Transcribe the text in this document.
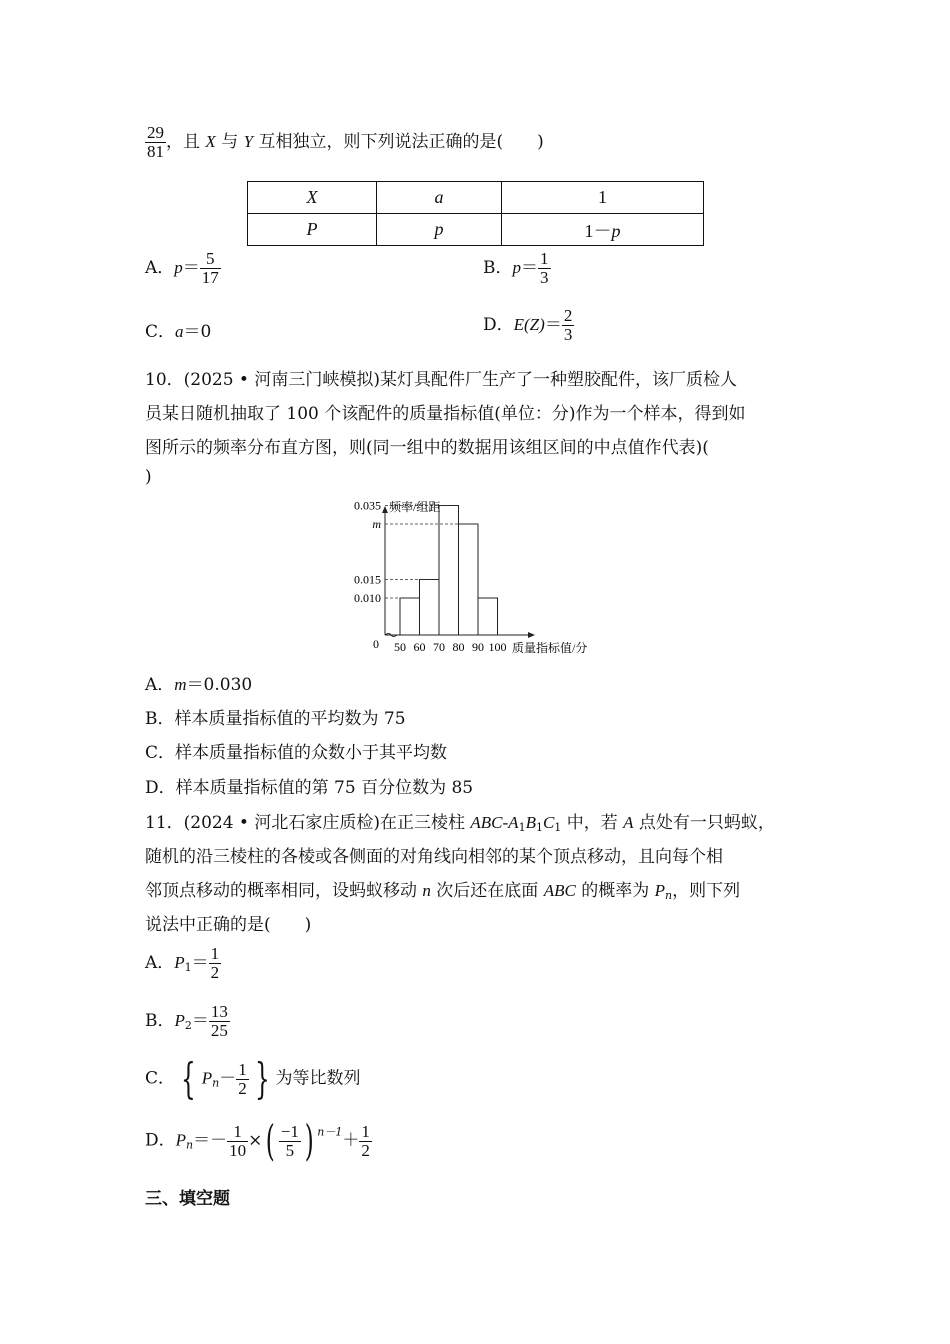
$\frac{29}{81}$ ，且 X 与 Y 互相独立，则下列说法正确的是(　　)
X	a	1
P	p	1－p
A．$p= \frac{5}{17}$	B．$p= \frac{1}{3}$
C．a＝0	D．$E(Z)= \frac{2}{3}$
10．(2025 • 河南三门峡模拟)某灯具配件厂生产了一种塑胶配件，该厂质检人
员某日随机抽取了 100 个该配件的质量指标值(单位：分)作为一个样本，得到如
图所示的频率分布直方图，则(同一组中的数据用该组区间的中点值作代表)(
)
0.035
m
0.015
0.010
频率/组距
0 50 60 70 80 90 100 质量指标值/分
A．m＝0.030
B．样本质量指标值的平均数为 75
C．样本质量指标值的众数小于其平均数
D．样本质量指标值的第 75 百分位数为 85
11．(2024 • 河北石家庄质检)在正三棱柱 ABC-A1B1C1 中，若 A 点处有一只蚂蚁，
随机的沿三棱柱的各棱或各侧面的对角线向相邻的某个顶点移动，且向每个相
邻顶点移动的概率相同，设蚂蚁移动 n 次后还在底面 ABC 的概率为 $P_n$，则下列
说法中正确的是(　　)
A．$P1= \frac{1}{2}$
B．$P2= \frac{13}{25}$
C． { $P_n- \frac{1}{2}$ } 为等比数列
D．$P_n=- \frac{1}{10}$ ×( $\frac{-1}{5}$ ) $^{n-1}+ \frac{1}{2}$
三、填空题
